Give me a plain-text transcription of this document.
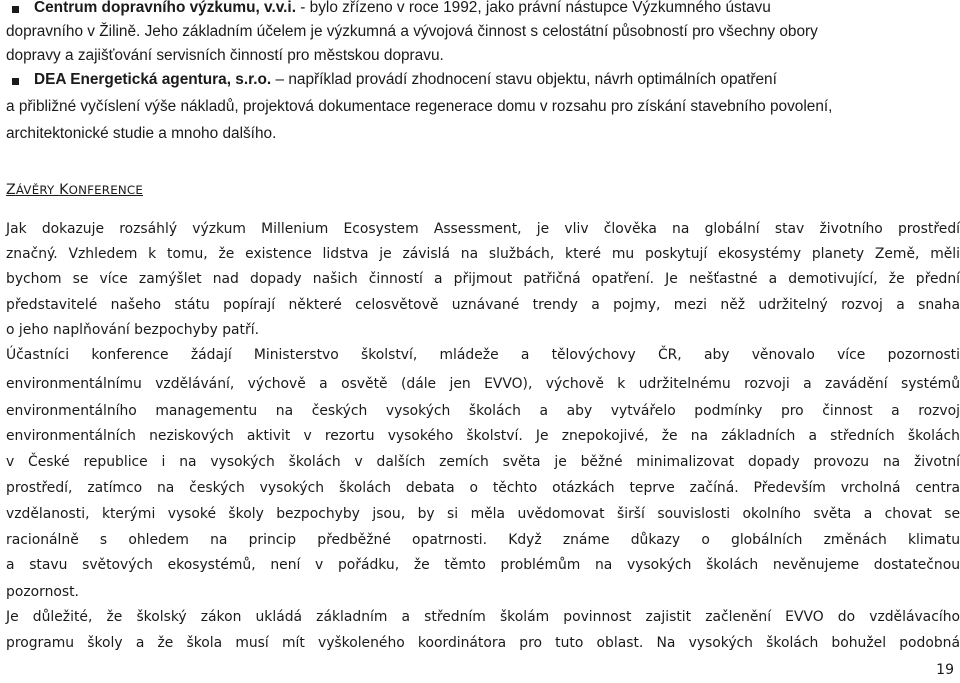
Centrum dopravního výzkumu, v.v.i. - bylo zřízeno v roce 1992, jako právní nástupce Výzkumného ústavu
dopravního v Žilině. Jeho základním účelem je výzkumná a vývojová činnost s celostátní působností pro všechny obory
dopravy a zajišťování servisních činností pro městskou dopravu.
DEA Energetická agentura, s.r.o. – například provádí zhodnocení stavu objektu, návrh optimálních opatření
a přibližné vyčíslení výše nákladů, projektová dokumentace regenerace domu v rozsahu pro získání stavebního povolení,
architektonické studie a mnoho dalšího.
ZÁVĚRY KONFERENCE
Jak dokazuje rozsáhlý výzkum Millenium Ecosystem Assessment, je vliv člověka na globální stav životního prostředí
značný. Vzhledem k tomu, že existence lidstva je závislá na službách, které mu poskytují ekosystémy planety Země, měli
bychom se více zamýšlet nad dopady našich činností a přijmout patřičná opatření. Je nešťastné a demotivující, že přední
představitelé našeho státu popírají některé celosvětově uznávané trendy a pojmy, mezi něž udržitelný rozvoj a snaha
o jeho naplňování bezpochyby patří.
Účastníci konference žádají Ministerstvo školství, mládeže a tělovýchovy ČR, aby věnovalo více pozornosti
environmentálnímu vzdělávání, výchově a osvětě (dále jen EVVO), výchově k udržitelnému rozvoji a zavádění systémů
environmentálního managementu na českých vysokých školách a aby vytvářelo podmínky pro činnost a rozvoj
environmentálních neziskových aktivit v rezortu vysokého školství. Je znepokojivé, že na základních a středních školách
v České republice i na vysokých školách v dalších zemích světa je běžné minimalizovat dopady provozu na životní
prostředí, zatímco na českých vysokých školách debata o těchto otázkách teprve začíná. Především vrcholná centra
vzdělanosti, kterými vysoké školy bezpochyby jsou, by si měla uvědomovat širší souvislosti okolního světa a chovat se
racionálně s ohledem na princip předběžné opatrnosti. Když známe důkazy o globálních změnách klimatu
a stavu světových ekosystémů, není v pořádku, že těmto problémům na vysokých školách nevěnujeme dostatečnou
pozornost.
Je důležité, že školský zákon ukládá základním a středním školám povinnost zajistit začlenění EVVO do vzdělávacího
programu školy a že škola musí mít vyškoleného koordinátora pro tuto oblast. Na vysokých školách bohužel podobná
19
